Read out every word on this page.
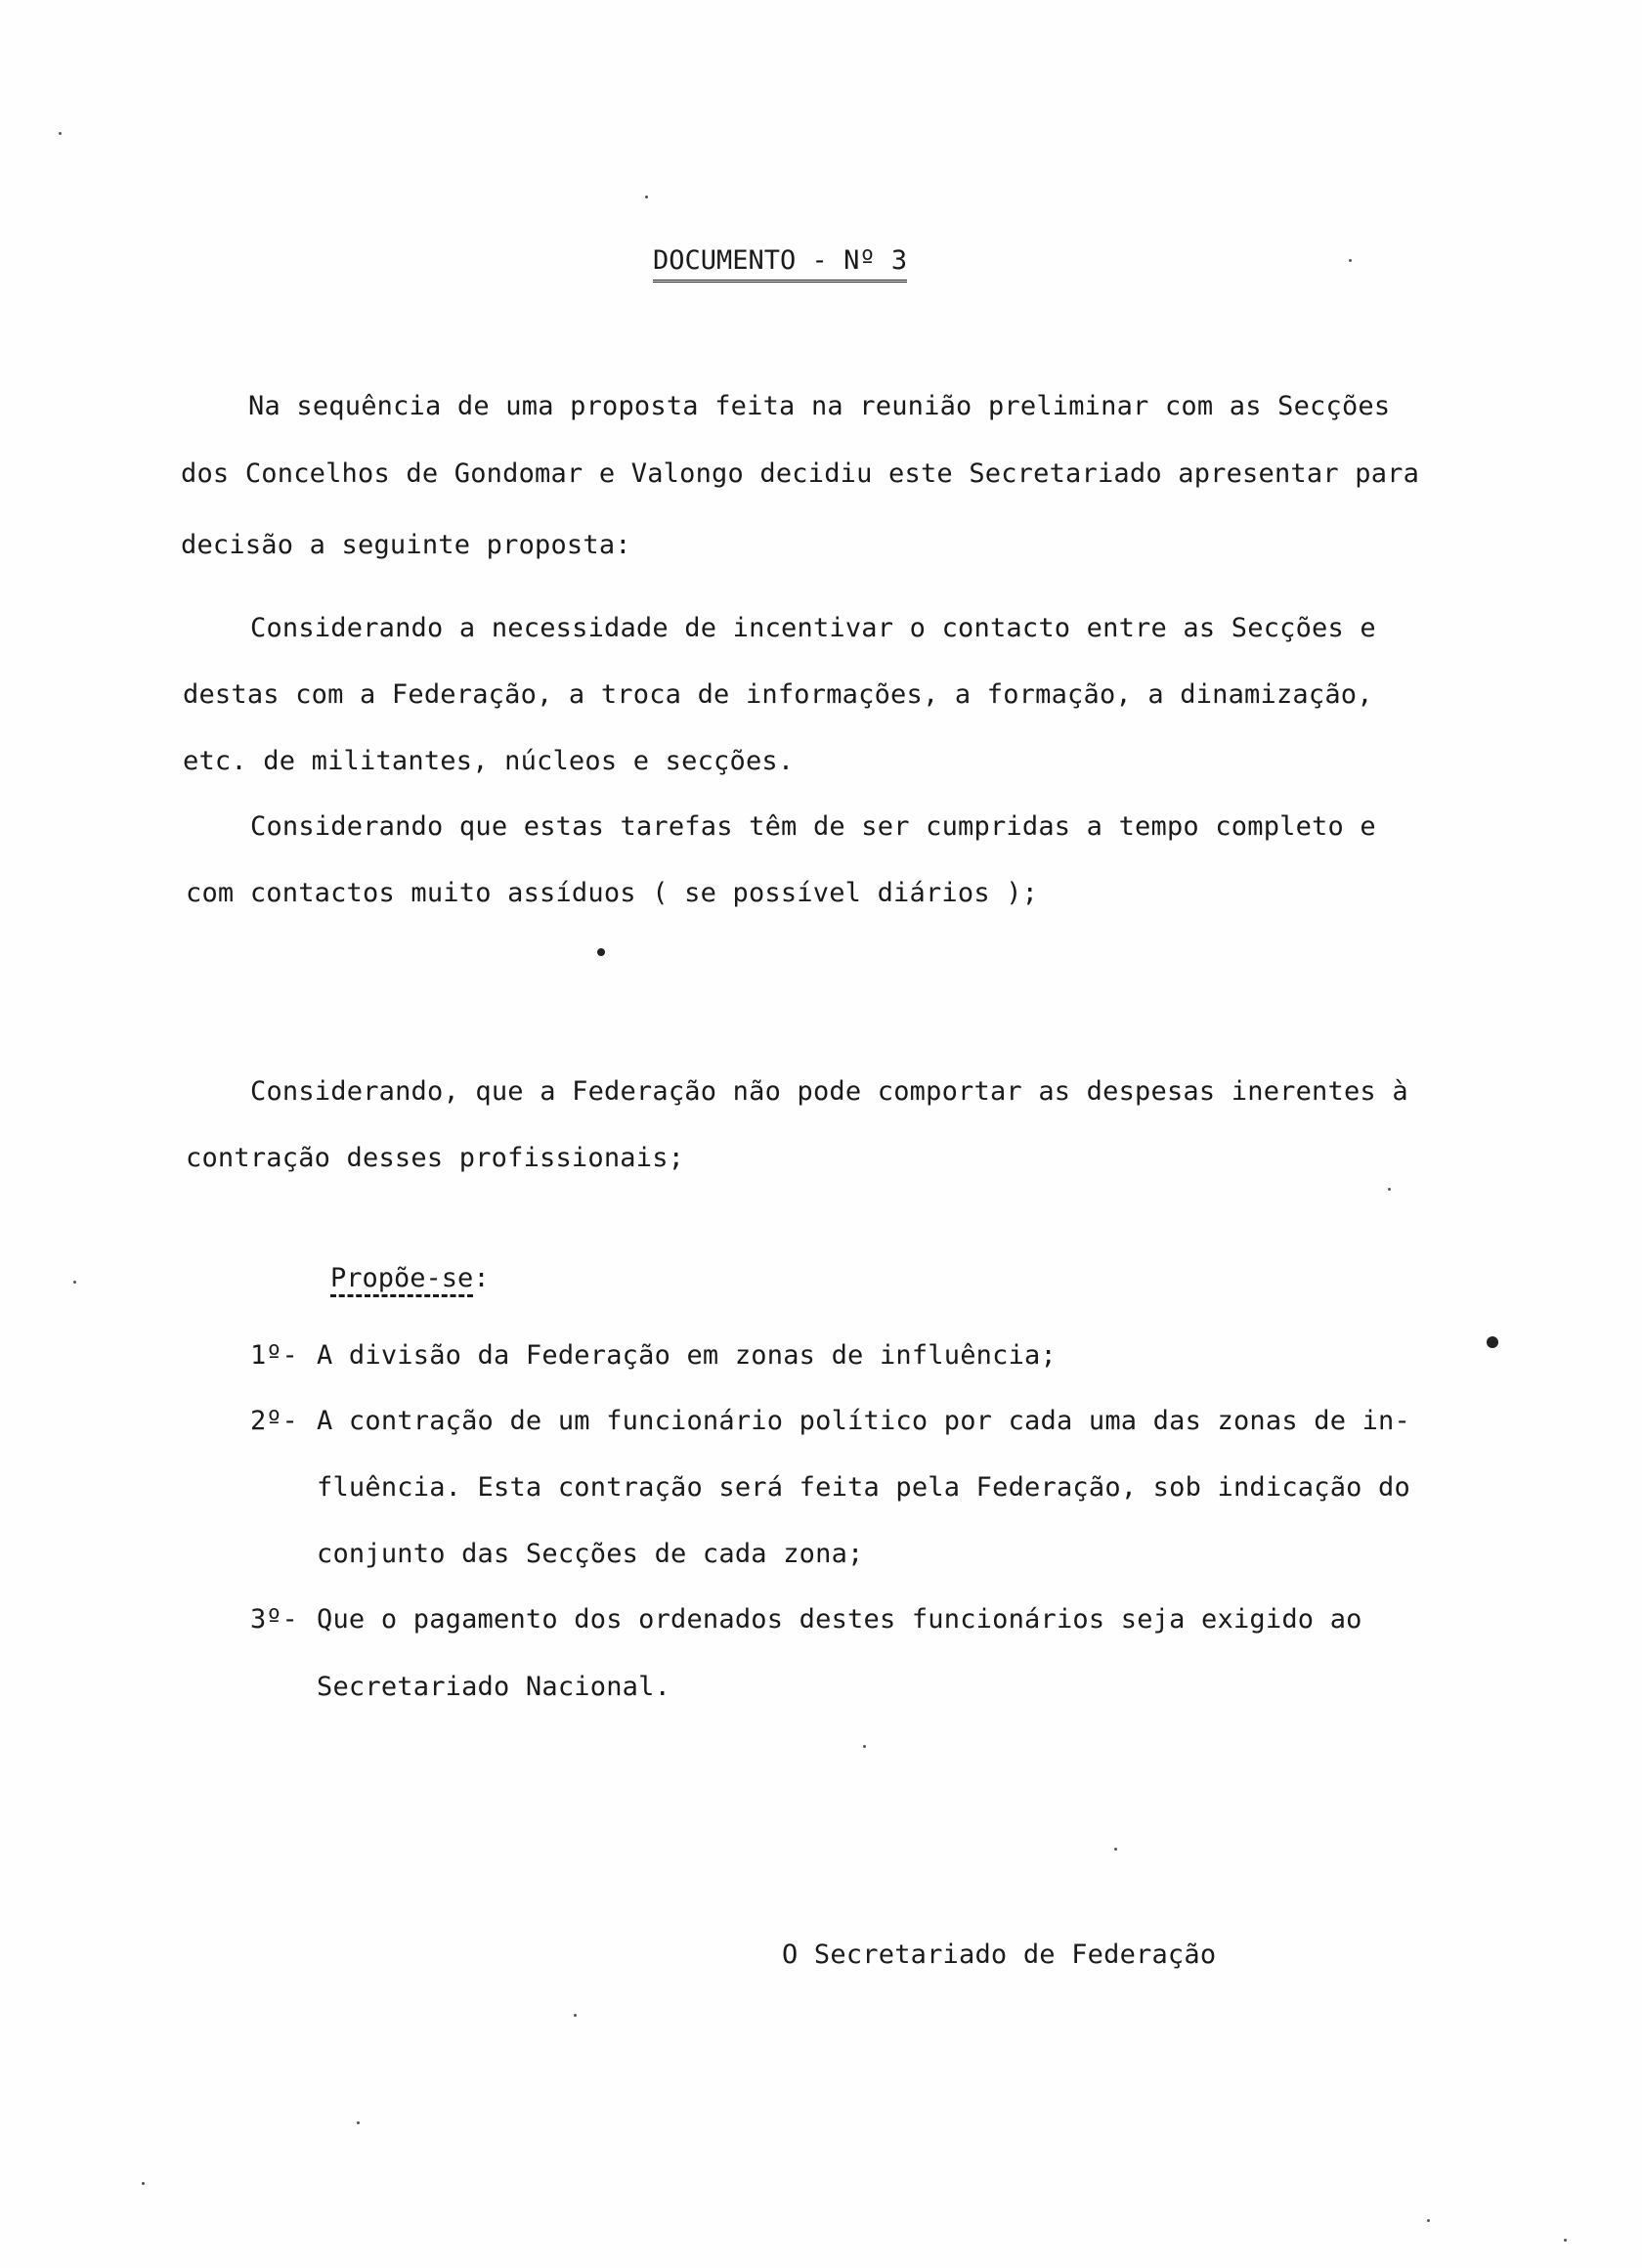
DOCUMENTO - Nº 3
Na sequência de uma proposta feita na reunião preliminar com as Secções
dos Concelhos de Gondomar e Valongo decidiu este Secretariado apresentar para
decisão a seguinte proposta:
Considerando a necessidade de incentivar o contacto entre as Secções e
destas com a Federação, a troca de informações, a formação, a dinamização,
etc. de militantes, núcleos e secções.
Considerando que estas tarefas têm de ser cumpridas a tempo completo e
com contactos muito assíduos ( se possível diários );
Considerando, que a Federação não pode comportar as despesas inerentes à
contração desses profissionais;
Propõe-se:
1º- A divisão da Federação em zonas de influência;
2º- A contração de um funcionário político por cada uma das zonas de in-
fluência. Esta contração será feita pela Federação, sob indicação do
conjunto das Secções de cada zona;
3º- Que o pagamento dos ordenados destes funcionários seja exigido ao
Secretariado Nacional.
O Secretariado de Federação
